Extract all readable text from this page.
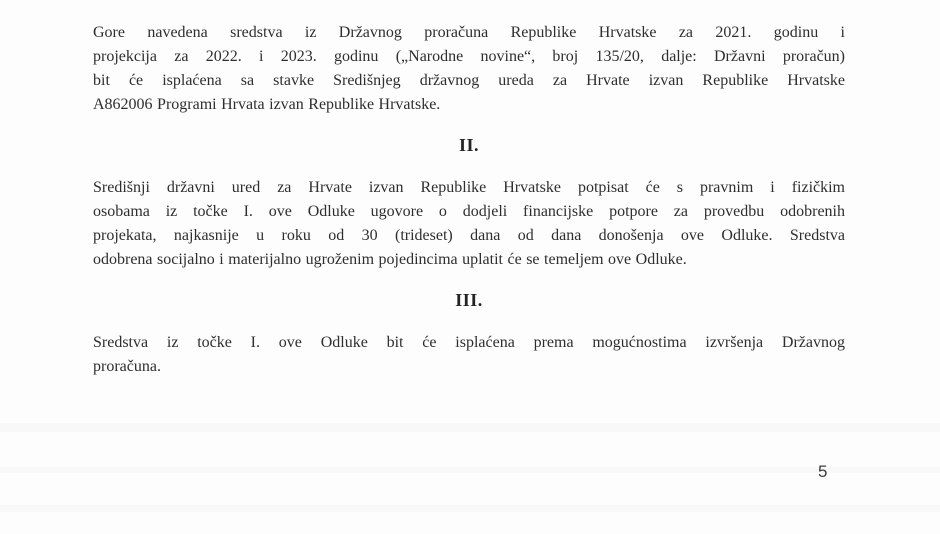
Gore navedena sredstva iz Državnog proračuna Republike Hrvatske za 2021. godinu i
projekcija za 2022. i 2023. godinu („Narodne novine“, broj 135/20, dalje: Državni proračun)
bit će isplaćena sa stavke Središnjeg državnog ureda za Hrvate izvan Republike Hrvatske
A862006 Programi Hrvata izvan Republike Hrvatske.
II.
Središnji državni ured za Hrvate izvan Republike Hrvatske potpisat će s pravnim i fizičkim
osobama iz točke I. ove Odluke ugovore o dodjeli financijske potpore za provedbu odobrenih
projekata, najkasnije u roku od 30 (trideset) dana od dana donošenja ove Odluke. Sredstva
odobrena socijalno i materijalno ugroženim pojedincima uplatit će se temeljem ove Odluke.
III.
Sredstva iz točke I. ove Odluke bit će isplaćena prema mogućnostima izvršenja Državnog
proračuna.
5
